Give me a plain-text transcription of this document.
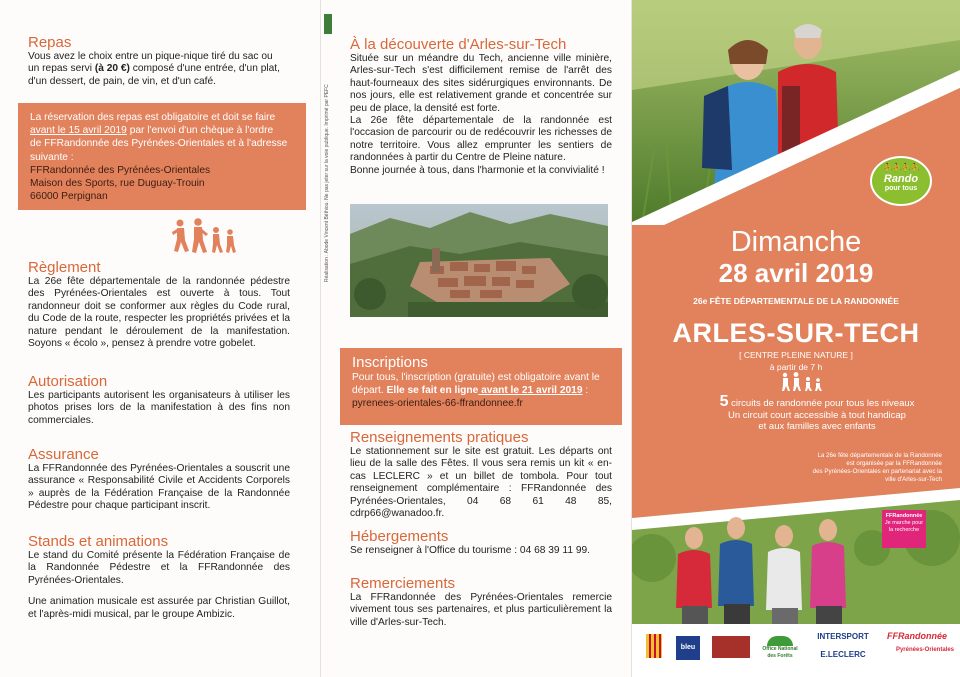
Repas
Vous avez le choix entre un pique-nique tiré du sac ou
un repas servi (à 20 €) composé d'une entrée, d'un plat,
d'un dessert, de pain, de vin, et d'un café.
La réservation des repas est obligatoire et doit se faire
avant le 15 avril 2019 par l'envoi d'un chèque à l'ordre
de FFRandonnée des Pyrénées-Orientales et à l'adresse
suivante :
FFRandonnée des Pyrénées-Orientales
Maison des Sports, rue Duguay-Trouin
66000 Perpignan
Règlement
La 26e fête départementale de la randonnée pédestre des Pyrénées-Orientales est ouverte à tous. Tout randonneur doit se conformer aux règles du Code rural, du Code de la route, respecter les propriétés privées et la nature pendant le déroulement de la manifestation. Soyons « écolo », pensez à prendre votre gobelet.
Autorisation
Les participants autorisent les organisateurs à utiliser les photos prises lors de la manifestation à des fins non commerciales.
Assurance
La FFRandonnée des Pyrénées-Orientales a souscrit une assurance « Responsabilité Civile et Accidents Corporels » auprès de la Fédération Française de la Randonnée Pédestre pour chaque participant inscrit.
Stands et animations
Le stand du Comité présente la Fédération Française de la Randonnée Pédestre et la FFRandonnée des Pyrénées-Orientales.
Une animation musicale est assurée par Christian Guillot, et l'après-midi musical, par le groupe Ambizic.
Réalisation : Abode Vincent Béthiou. Ne pas jeter sur la voie publique. Imprimé par PEFC
À la découverte d'Arles-sur-Tech
Située sur un méandre du Tech, ancienne ville minière, Arles-sur-Tech s'est difficilement remise de l'arrêt des haut-fourneaux des sites sidérurgiques environnants. De nos jours, elle est relativement grande et concentrée sur peu de place, la densité est forte.
La 26e fête départementale de la randonnée est l'occasion de parcourir ou de redécouvrir les richesses de notre territoire. Vous allez emprunter les sentiers de randonnées à partir du Centre de Pleine nature.
Bonne journée à tous, dans l'harmonie et la convivialité !
Inscriptions
Pour tous, l'inscription (gratuite) est obligatoire avant le
départ. Elle se fait en ligne avant le 21 avril 2019 :
pyrenees-orientales-66-ffrandonnee.fr
Renseignements pratiques
Le stationnement sur le site est gratuit. Les départs ont lieu de la salle des Fêtes. Il vous sera remis un kit « en-cas LECLERC » et un billet de tombola. Pour tout renseignement complémentaire : FFRandonnée des Pyrénées-Orientales, 04 68 61 48 85, cdrp66@wanadoo.fr.
Hébergements
Se renseigner à l'Office du tourisme : 04 68 39 11 99.
Remerciements
La FFRandonnée des Pyrénées-Orientales remercie vivement tous ses partenaires, et plus particulièrement la ville d'Arles-sur-Tech.
⛹⛹⛹⛹
Rando
pour tous
Dimanche
28 avril 2019
26e FÊTE DÉPARTEMENTALE DE LA RANDONNÉE
ARLES-SUR-TECH
[ CENTRE PLEINE NATURE ]
à partir de 7 h
5 circuits de randonnée pour tous les niveaux
Un circuit court accessible à tout handicap
et aux familles avec enfants
La 26e fête départementale de la Randonnée
est organisée par la FFRandonnée
des Pyrénées-Orientales en partenariat avec la
ville d'Arles-sur-Tech
FFRandonnée
Je marche pour
la recherche
bleu	Office National des Forêts
INTERSPORT
E.LECLERC
FFRandonnée
Pyrénées-Orientales
